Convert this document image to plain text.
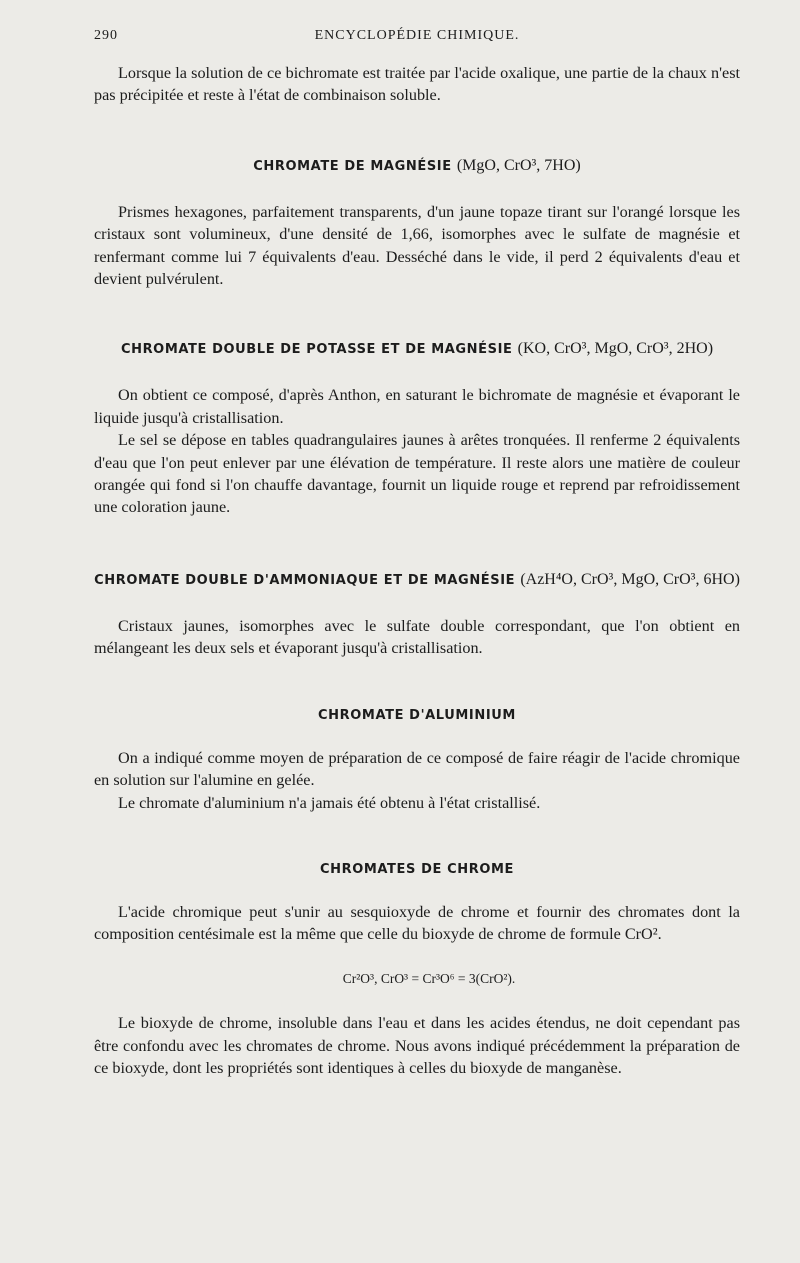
290	ENCYCLOPÉDIE CHIMIQUE.

Lorsque la solution de ce bichromate est traitée par l'acide oxalique, une partie de la chaux n'est pas précipitée et reste à l'état de combinaison soluble.

CHROMATE DE MAGNÉSIE (MgO, CrO³, 7HO)

Prismes hexagones, parfaitement transparents, d'un jaune topaze tirant sur l'orangé lorsque les cristaux sont volumineux, d'une densité de 1,66, isomorphes avec le sulfate de magnésie et renfermant comme lui 7 équivalents d'eau. Desséché dans le vide, il perd 2 équivalents d'eau et devient pulvérulent.

CHROMATE DOUBLE DE POTASSE ET DE MAGNÉSIE (KO, CrO³, MgO, CrO³, 2HO)

On obtient ce composé, d'après Anthon, en saturant le bichromate de magnésie et évaporant le liquide jusqu'à cristallisation.

Le sel se dépose en tables quadrangulaires jaunes à arêtes tronquées. Il renferme 2 équivalents d'eau que l'on peut enlever par une élévation de température. Il reste alors une matière de couleur orangée qui fond si l'on chauffe davantage, fournit un liquide rouge et reprend par refroidissement une coloration jaune.

CHROMATE DOUBLE D'AMMONIAQUE ET DE MAGNÉSIE (AzH⁴O, CrO³, MgO, CrO³, 6HO)

Cristaux jaunes, isomorphes avec le sulfate double correspondant, que l'on obtient en mélangeant les deux sels et évaporant jusqu'à cristallisation.

CHROMATE D'ALUMINIUM

On a indiqué comme moyen de préparation de ce composé de faire réagir de l'acide chromique en solution sur l'alumine en gelée.

Le chromate d'aluminium n'a jamais été obtenu à l'état cristallisé.

CHROMATES DE CHROME

L'acide chromique peut s'unir au sesquioxyde de chrome et fournir des chromates dont la composition centésimale est la même que celle du bioxyde de chrome de formule CrO².

Cr²O³, CrO³ = Cr³O⁶ = 3(CrO²).

Le bioxyde de chrome, insoluble dans l'eau et dans les acides étendus, ne doit cependant pas être confondu avec les chromates de chrome. Nous avons indiqué précédemment la préparation de ce bioxyde, dont les propriétés sont identiques à celles du bioxyde de manganèse.
